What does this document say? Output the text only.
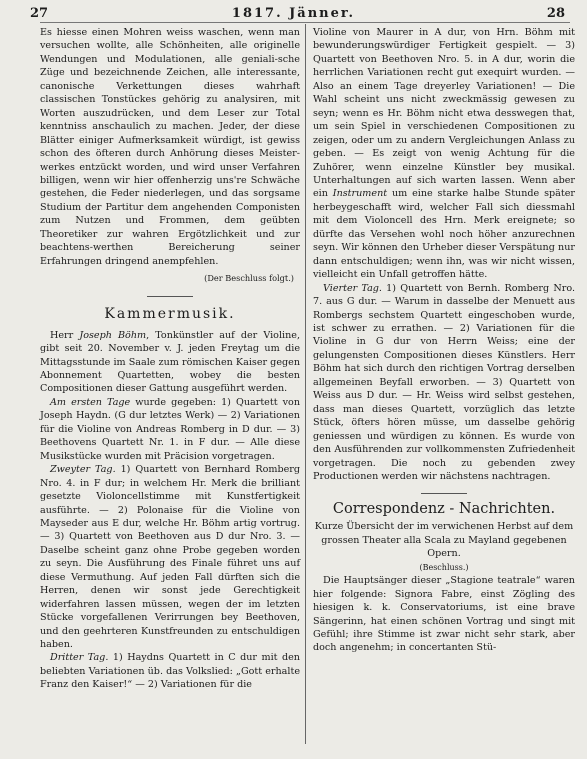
27	1817. Jänner.	28

Es hiesse einen Mohren weiss waschen, wenn man versuchen wollte, alle Schönheiten, alle originelle Wendungen und Modulationen, alle geniali-sche Züge und bezeichnende Zeichen, alle interessante, canonische Verkettungen dieses wahrhaft classischen Tonstückes gehörig zu analysiren, mit Worten auszudrücken, und dem Leser zur Total kenntniss anschaulich zu machen. Jeder, der diese Blätter einiger Aufmerksamkeit würdigt, ist gewiss schon des öfteren durch Anhörung dieses Meister-werkes entzückt worden, und wird unser Verfahren billigen, wenn wir hier offenherzig uns're Schwäche gestehen, die Feder niederlegen, und das sorgsame Studium der Partitur dem angehenden Componisten zum Nutzen und Frommen, dem geübten Theoretiker zur wahren Ergötzlichkeit und zur beachtens-werthen Bereicherung seiner Erfahrungen dringend anempfehlen.

(Der Beschluss folgt.)

Kammermusik.

Herr Joseph Böhm, Tonkünstler auf der Violine, gibt seit 20. November v. J. jeden Freytag um die Mittagsstunde im Saale zum römischen Kaiser gegen Abonnement Quartetten, wobey die besten Compositionen dieser Gattung ausgeführt werden.

Am ersten Tage wurde gegeben: 1) Quartett von Joseph Haydn. (G dur letztes Werk) — 2) Variationen für die Violine von Andreas Romberg in D dur. — 3) Beethovens Quartett Nr. 1. in F dur. — Alle diese Musikstücke wurden mit Präcision vorgetragen.

Zweyter Tag. 1) Quartett von Bernhard Romberg Nro. 4. in F dur; in welchem Hr. Merk die brilliant gesetzte Violoncellstimme mit Kunstfertigkeit ausführte. — 2) Polonaise für die Violine von Mayseder aus E dur, welche Hr. Böhm artig vortrug. — 3) Quartett von Beethoven aus D dur Nro. 3. — Daselbe scheint ganz ohne Probe gegeben worden zu seyn. Die Ausführung des Finale führet uns auf diese Vermuthung. Auf jeden Fall dürften sich die Herren, denen wir sonst jede Gerechtigkeit widerfahren lassen müssen, wegen der im letzten Stücke vorgefallenen Verirrungen bey Beethoven, und den geehrteren Kunstfreunden zu entschuldigen haben.

Dritter Tag. 1) Haydns Quartett in C dur mit den beliebten Variationen üb. das Volkslied: „Gott erhalte Franz den Kaiser!“ — 2) Variationen für die

Violine von Maurer in A dur, von Hrn. Böhm mit bewunderungswürdiger Fertigkeit gespielt. — 3) Quartett von Beethoven Nro. 5. in A dur, worin die herrlichen Variationen recht gut exequirt wurden. — Also an einem Tage dreyerley Variationen! — Die Wahl scheint uns nicht zweckmässig gewesen zu seyn; wenn es Hr. Böhm nicht etwa desswegen that, um sein Spiel in verschiedenen Compositionen zu zeigen, oder um zu andern Vergleichungen Anlass zu geben. — Es zeigt von wenig Achtung für die Zuhörer, wenn einzelne Künstler bey musikal. Unterhaltungen auf sich warten lassen. Wenn aber ein Instrument um eine starke halbe Stunde später herbeygeschafft wird, welcher Fall sich diessmahl mit dem Violoncell des Hrn. Merk ereignete; so dürfte das Versehen wohl noch höher anzurechnen seyn. Wir können den Urheber dieser Verspätung nur dann entschuldigen; wenn ihn, was wir nicht wissen, vielleicht ein Unfall getroffen hätte.

Vierter Tag. 1) Quartett von Bernh. Romberg Nro. 7. aus G dur. — Warum in dasselbe der Menuett aus Rombergs sechstem Quartett eingeschoben wurde, ist schwer zu errathen. — 2) Variationen für die Violine in G dur von Herrn Weiss; eine der gelungensten Compositionen dieses Künstlers. Herr Böhm hat sich durch den richtigen Vortrag derselben allgemeinen Beyfall erworben. — 3) Quartett von Weiss aus D dur. — Hr. Weiss wird selbst gestehen, dass man dieses Quartett, vorzüglich das letzte Stück, öfters hören müsse, um dasselbe gehörig geniessen und würdigen zu können. Es wurde von den Ausführenden zur vollkommensten Zufriedenheit vorgetragen. Die noch zu gebenden zwey Productionen werden wir nächstens nachtragen.

Correspondenz - Nachrichten.

Kurze Übersicht der im verwichenen Herbst auf dem grossen Theater alla Scala zu Mayland gegebenen Opern.

(Beschluss.)

Die Hauptsänger dieser „Stagione teatrale“ waren hier folgende: Signora Fabre, einst Zögling des hiesigen k. k. Conservatoriums, ist eine brave Sängerinn, hat einen schönen Vortrag und singt mit Gefühl; ihre Stimme ist zwar nicht sehr stark, aber doch angenehm; in concertanten Stü-
